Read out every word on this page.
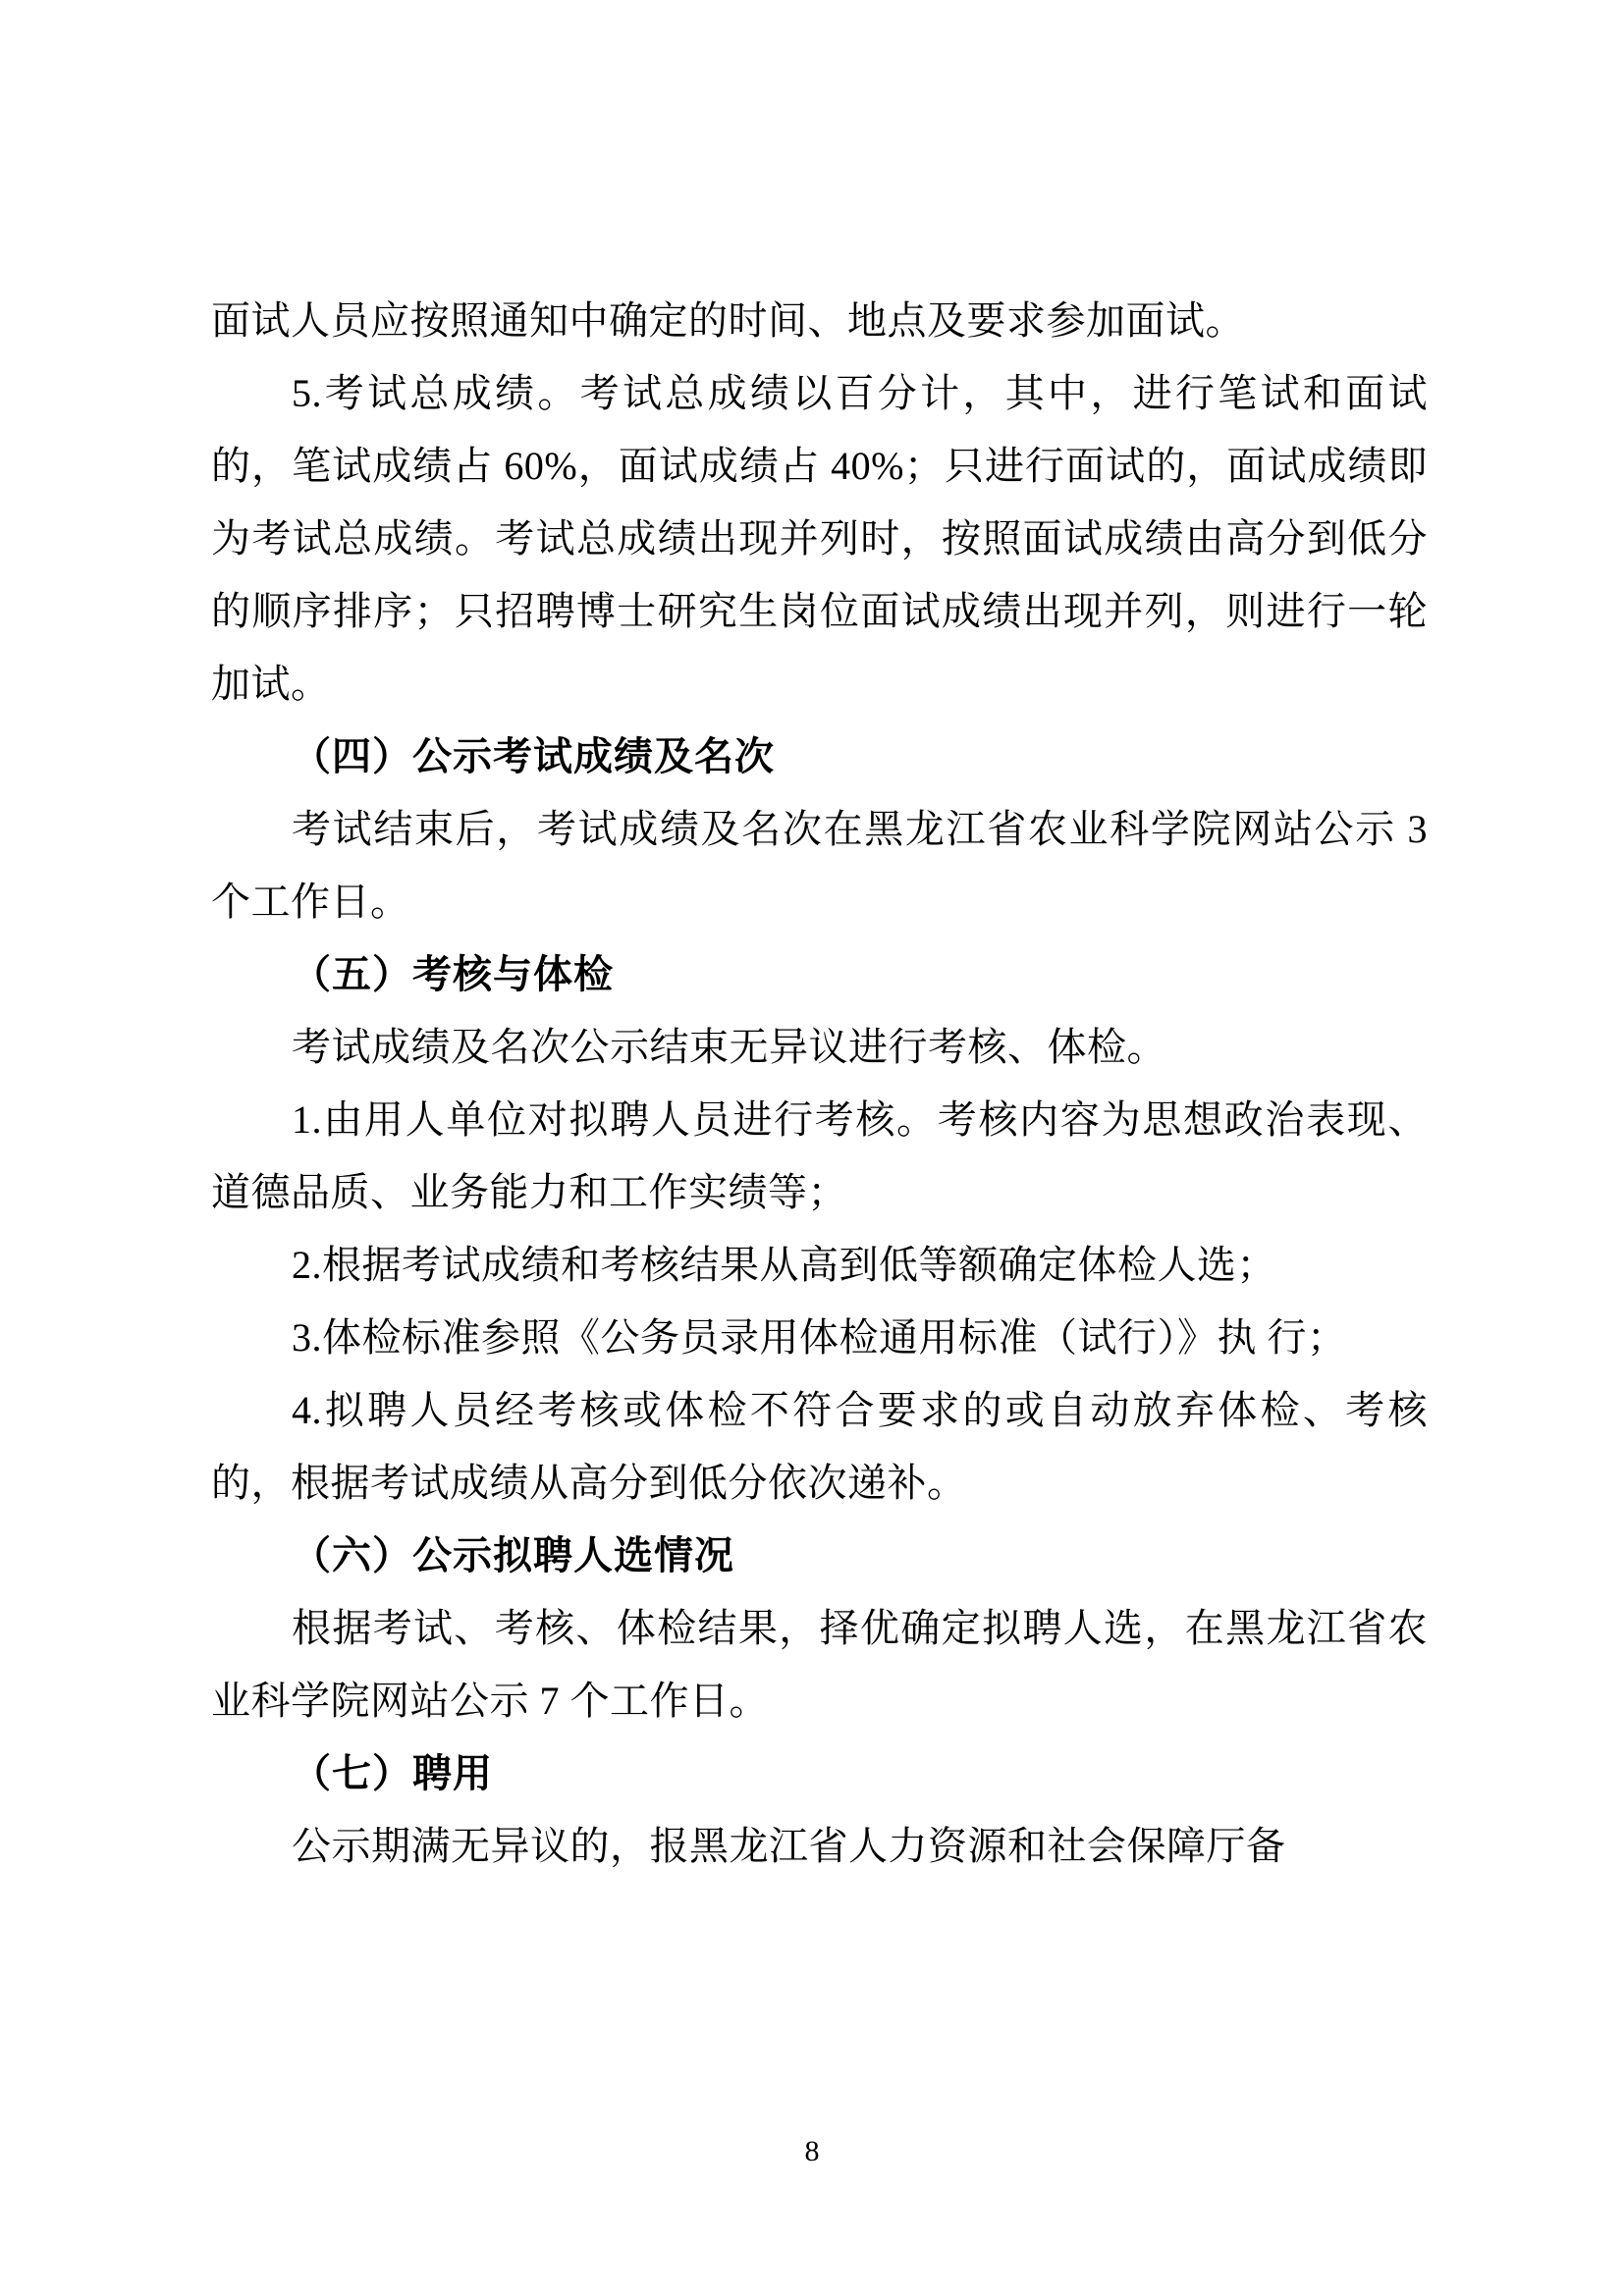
面试人员应按照通知中确定的时间、地点及要求参加面试。

5.考试总成绩。考试总成绩以百分计，其中，进行笔试和面试的，笔试成绩占 60%，面试成绩占 40%；只进行面试的，面试成绩即为考试总成绩。考试总成绩出现并列时，按照面试成绩由高分到低分的顺序排序；只招聘博士研究生岗位面试成绩出现并列，则进行一轮加试。

（四）公示考试成绩及名次

考试结束后，考试成绩及名次在黑龙江省农业科学院网站公示 3 个工作日。

（五）考核与体检

考试成绩及名次公示结束无异议进行考核、体检。

1.由用人单位对拟聘人员进行考核。考核内容为思想政治表现、道德品质、业务能力和工作实绩等；

2.根据考试成绩和考核结果从高到低等额确定体检人选；

3.体检标准参照《公务员录用体检通用标准（试行）》执 行；

4.拟聘人员经考核或体检不符合要求的或自动放弃体检、考核的，根据考试成绩从高分到低分依次递补。

（六）公示拟聘人选情况

根据考试、考核、体检结果，择优确定拟聘人选，在黑龙江省农业科学院网站公示 7 个工作日。

（七）聘用

公示期满无异议的，报黑龙江省人力资源和社会保障厅备

8
